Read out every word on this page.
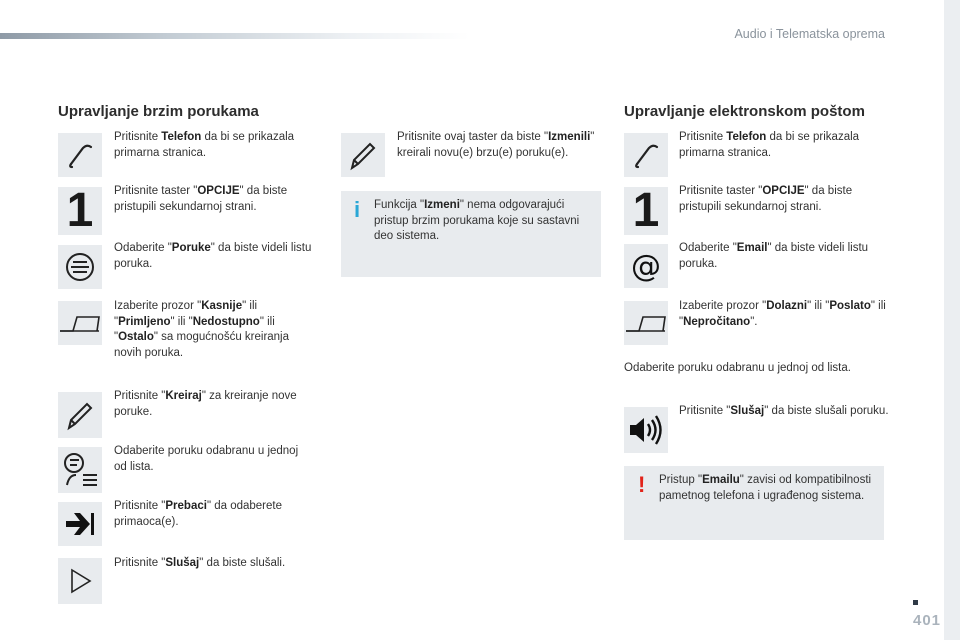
Audio i Telematska oprema
401
Upravljanje brzim porukama
Pritisnite Telefon da bi se prikazala primarna stranica.
1 Pritisnite taster "OPCIJE" da biste pristupili sekundarnoj strani.
Odaberite "Poruke" da biste videli listu poruka.
Izaberite prozor "Kasnije" ili "Primljeno" ili "Nedostupno" ili "Ostalo" sa mogućnošću kreiranja novih poruka.
Pritisnite "Kreiraj" za kreiranje nove poruke.
Odaberite poruku odabranu u jednoj od lista.
Pritisnite "Prebaci" da odaberete primaoca(e).
Pritisnite "Slušaj" da biste slušali.
Pritisnite ovaj taster da biste "Izmenili" kreirali novu(e) brzu(e) poruku(e).
i Funkcija "Izmeni" nema odgovarajući pristup brzim porukama koje su sastavni deo sistema.
Upravljanje elektronskom poštom
Pritisnite Telefon da bi se prikazala primarna stranica.
1 Pritisnite taster "OPCIJE" da biste pristupili sekundarnoj strani.
@
Odaberite "Email" da biste videli listu poruka.
Izaberite prozor "Dolazni" ili "Poslato" ili "Nepročitano".
Odaberite poruku odabranu u jednoj od lista.
Pritisnite "Slušaj" da biste slušali poruku.
! Pristup "Emailu" zavisi od kompatibilnosti pametnog telefona i ugrađenog sistema.
